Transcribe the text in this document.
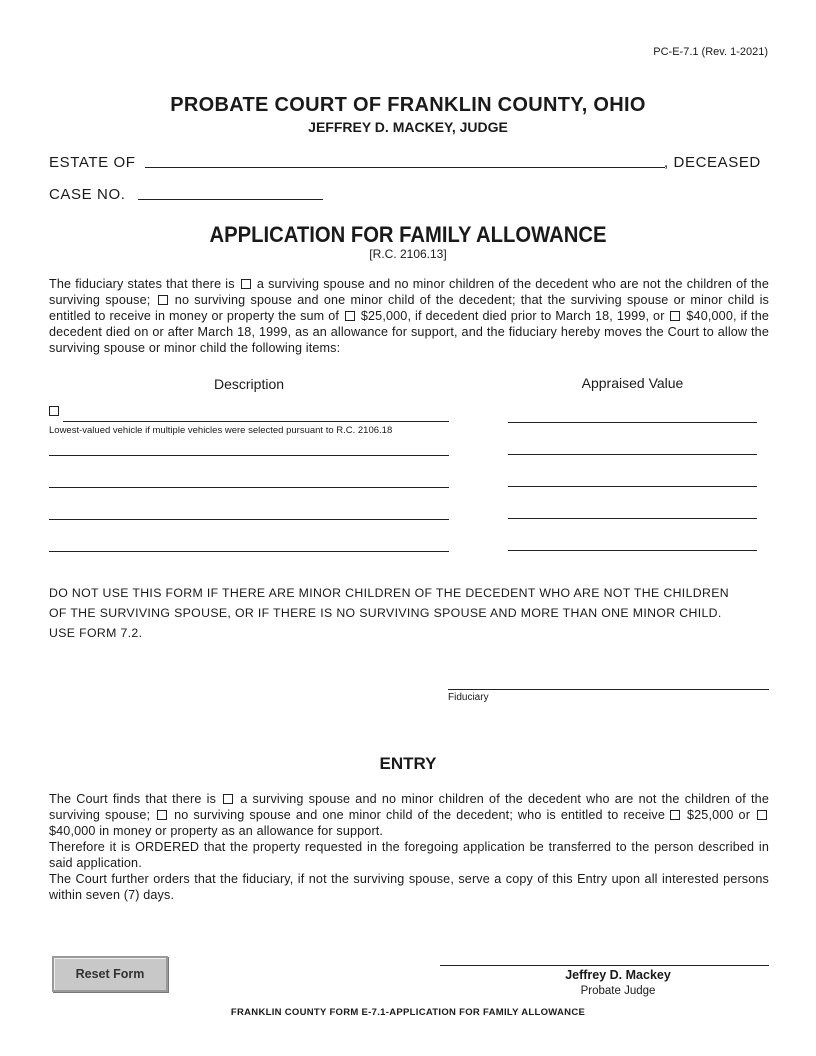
PC-E-7.1 (Rev. 1-2021)
PROBATE COURT OF FRANKLIN COUNTY, OHIO
JEFFREY D. MACKEY, JUDGE
ESTATE OF	, DECEASED
CASE NO.
APPLICATION FOR FAMILY ALLOWANCE
[R.C. 2106.13]
The fiduciary states that there is a surviving spouse and no minor children of the decedent who are not the children of the surviving spouse; no surviving spouse and one minor child of the decedent; that the surviving spouse or minor child is entitled to receive in money or property the sum of $25,000, if decedent died prior to March 18, 1999, or $40,000, if the decedent died on or after March 18, 1999, as an allowance for support, and the fiduciary hereby moves the Court to allow the surviving spouse or minor child the following items:
Description	Appraised Value
Lowest-valued vehicle if multiple vehicles were selected pursuant to R.C. 2106.18
DO NOT USE THIS FORM IF THERE ARE MINOR CHILDREN OF THE DECEDENT WHO ARE NOT THE CHILDREN
OF THE SURVIVING SPOUSE, OR IF THERE IS NO SURVIVING SPOUSE AND MORE THAN ONE MINOR CHILD.
USE FORM 7.2.
Fiduciary
ENTRY
The Court finds that there is a surviving spouse and no minor children of the decedent who are not the children of the surviving spouse; no surviving spouse and one minor child of the decedent; who is entitled to receive $25,000 or  $40,000 in money or property as an allowance for support.
Therefore it is ORDERED that the property requested in the foregoing application be transferred to the person described in said application.
The Court further orders that the fiduciary, if not the surviving spouse, serve a copy of this Entry upon all interested persons within seven (7) days.
Reset Form	Jeffrey D. Mackey
Probate Judge
FRANKLIN COUNTY FORM E-7.1-APPLICATION FOR FAMILY ALLOWANCE
